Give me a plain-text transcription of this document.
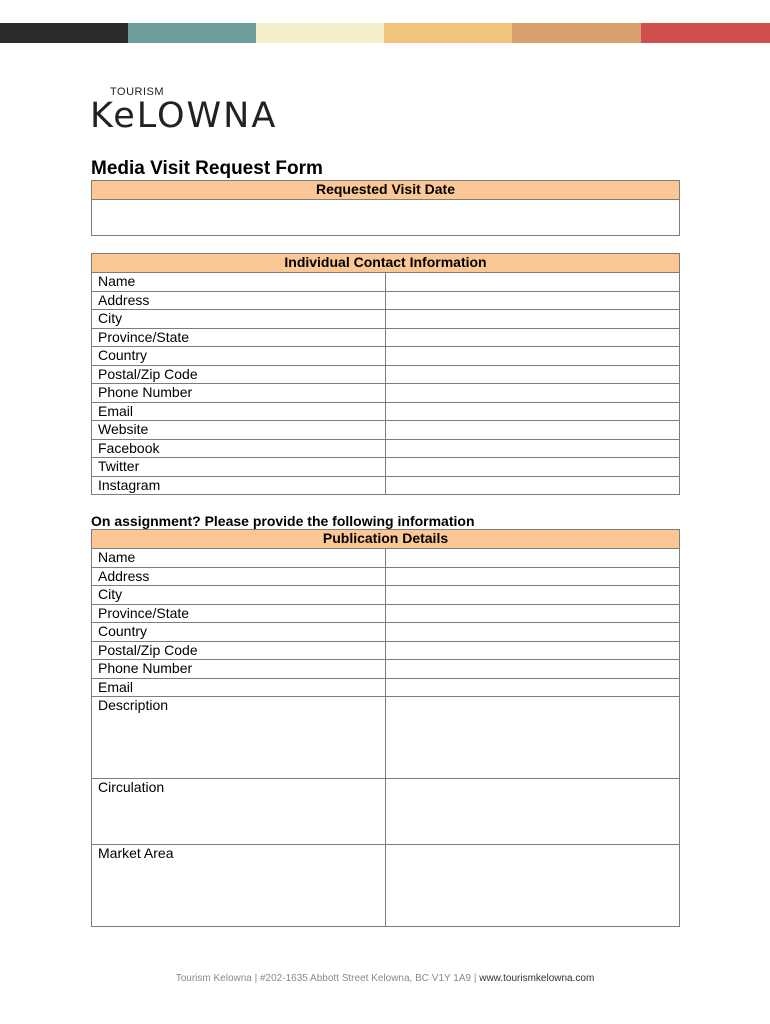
TOURISM
KeLOWNA
Media Visit Request Form
Requested Visit Date

Individual Contact Information	
Name	
Address	
City	
Province/State	
Country	
Postal/Zip Code	
Phone Number	
Email	
Website	
Facebook	
Twitter	
Instagram	
On assignment? Please provide the following information
Publication Details	
Name	
Address	
City	
Province/State	
Country	
Postal/Zip Code	
Phone Number	
Email	
Description	
Circulation	
Market Area	
Tourism Kelowna | #202-1635 Abbott Street Kelowna, BC V1Y 1A9 | www.tourismkelowna.com
